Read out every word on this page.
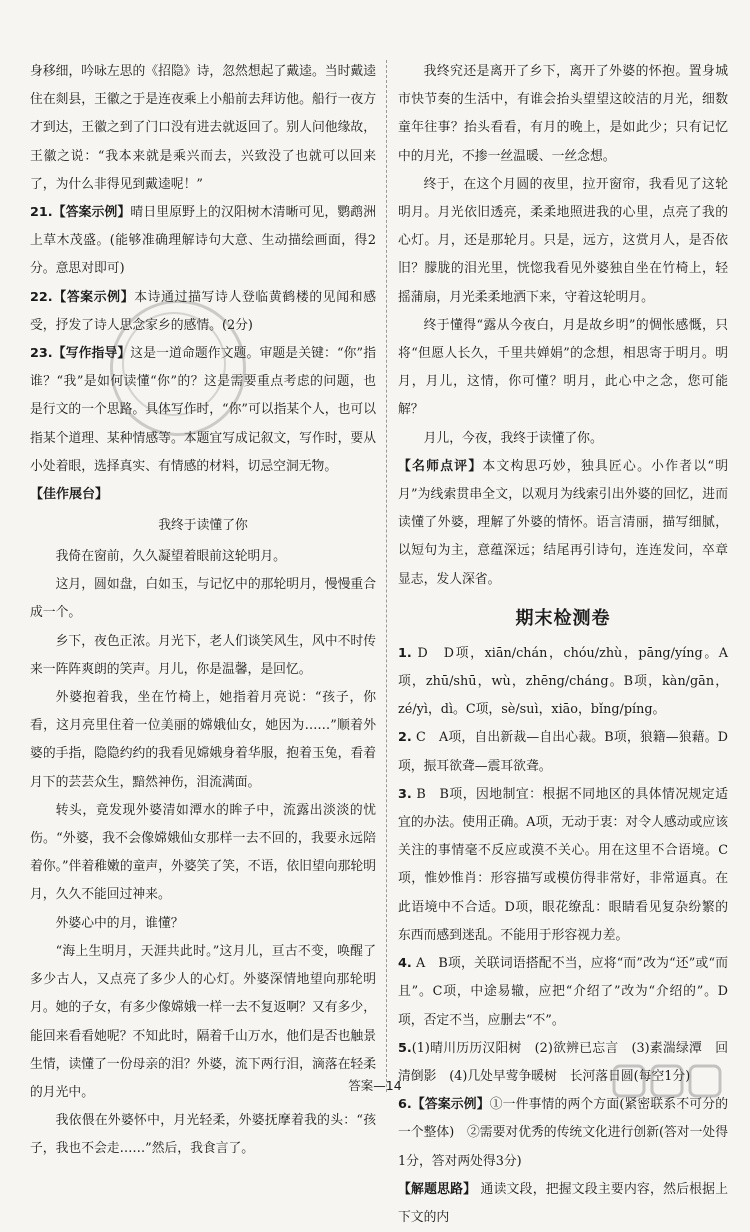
身移细，吟咏左思的《招隐》诗，忽然想起了戴逵。当时戴逵住在剡县，王徽之于是连夜乘上小船前去拜访他。船行一夜方才到达，王徽之到了门口没有进去就返回了。别人问他缘故，王徽之说：“我本来就是乘兴而去，兴致没了也就可以回来了，为什么非得见到戴逵呢！”

21.【答案示例】晴日里原野上的汉阳树木清晰可见，鹦鹉洲上草木茂盛。(能够准确理解诗句大意、生动描绘画面，得2分。意思对即可)

22.【答案示例】本诗通过描写诗人登临黄鹤楼的见闻和感受，抒发了诗人思念家乡的感情。(2分)

23.【写作指导】这是一道命题作文题。审题是关键：“你”指谁？“我”是如何读懂“你”的？这是需要重点考虑的问题，也是行文的一个思路。具体写作时，“你”可以指某个人，也可以指某个道理、某种情感等。本题宜写成记叙文，写作时，要从小处着眼，选择真实、有情感的材料，切忌空洞无物。

【佳作展台】

我终于读懂了你

我倚在窗前，久久凝望着眼前这轮明月。

这月，圆如盘，白如玉，与记忆中的那轮明月，慢慢重合成一个。

乡下，夜色正浓。月光下，老人们谈笑风生，风中不时传来一阵阵爽朗的笑声。月儿，你是温馨，是回忆。

外婆抱着我，坐在竹椅上，她指着月亮说：“孩子，你看，这月亮里住着一位美丽的嫦娥仙女，她因为……”顺着外婆的手指，隐隐约约的我看见嫦娥身着华服，抱着玉兔，看着月下的芸芸众生，黯然神伤，泪流满面。

转头，竟发现外婆清如潭水的眸子中，流露出淡淡的忧伤。“外婆，我不会像嫦娥仙女那样一去不回的，我要永远陪着你。”伴着稚嫩的童声，外婆笑了笑，不语，依旧望向那轮明月，久久不能回过神来。

外婆心中的月，谁懂？

“海上生明月，天涯共此时。”这月儿，亘古不变，唤醒了多少古人，又点亮了多少人的心灯。外婆深情地望向那轮明月。她的子女，有多少像嫦娥一样一去不复返啊？又有多少，能回来看看她呢？不知此时，隔着千山万水，他们是否也触景生情，读懂了一份母亲的泪？外婆，流下两行泪，滴落在轻柔的月光中。

我依偎在外婆怀中，月光轻柔，外婆抚摩着我的头：“孩子，我也不会走……”然后，我食言了。

我终究还是离开了乡下，离开了外婆的怀抱。置身城市快节奏的生活中，有谁会抬头望望这皎洁的月光，细数童年往事？抬头看看，有月的晚上，是如此少；只有记忆中的月光，不掺一丝温暖、一丝念想。

终于，在这个月圆的夜里，拉开窗帘，我看见了这轮明月。月光依旧透亮，柔柔地照进我的心里，点亮了我的心灯。月，还是那轮月。只是，远方，这赏月人，是否依旧？朦胧的泪光里，恍惚我看见外婆独自坐在竹椅上，轻摇蒲扇，月光柔柔地洒下来，守着这轮明月。

终于懂得“露从今夜白，月是故乡明”的惆怅感慨，只将“但愿人长久，千里共婵娟”的念想，相思寄于明月。明月，月儿，这情，你可懂？明月，此心中之念，您可能解？

月儿，今夜，我终于读懂了你。

【名师点评】本文构思巧妙，独具匠心。小作者以“明月”为线索贯串全文，以观月为线索引出外婆的回忆，进而读懂了外婆，理解了外婆的情怀。语言清丽，描写细腻，以短句为主，意蕴深远；结尾再引诗句，连连发问，卒章显志，发人深省。

期末检测卷

1. D　D项，xiān/chán，chóu/zhù，pāng/yíng。A项，zhū/shū，wù，zhēng/cháng。B项，kàn/gān，zé/yì，dì。C项，sè/suì，xiāo，bǐng/píng。

2. C　A项，自出新裁—自出心裁。B项，狼籍—狼藉。D项，振耳欲聋—震耳欲聋。

3. B　B项，因地制宜：根据不同地区的具体情况规定适宜的办法。使用正确。A项，无动于衷：对令人感动或应该关注的事情毫不反应或漠不关心。用在这里不合语境。C项，惟妙惟肖：形容描写或模仿得非常好，非常逼真。在此语境中不合适。D项，眼花缭乱：眼睛看见复杂纷繁的东西而感到迷乱。不能用于形容视力差。

4. A　B项，关联词语搭配不当，应将“而”改为“还”或“而且”。C项，中途易辙，应把“介绍了”改为“介绍的”。D项，否定不当，应删去“不”。

5.(1)晴川历历汉阳树　(2)欲辨已忘言　(3)素湍绿潭　回清倒影　(4)几处早莺争暖树　长河落日圆(每空1分)

6.【答案示例】①一件事情的两个方面(紧密联系不可分的一个整体)　②需要对优秀的传统文化进行创新(答对一处得1分，答对两处得3分)

【解题思路】 通读文段，把握文段主要内容，然后根据上下文的内

答案—14
